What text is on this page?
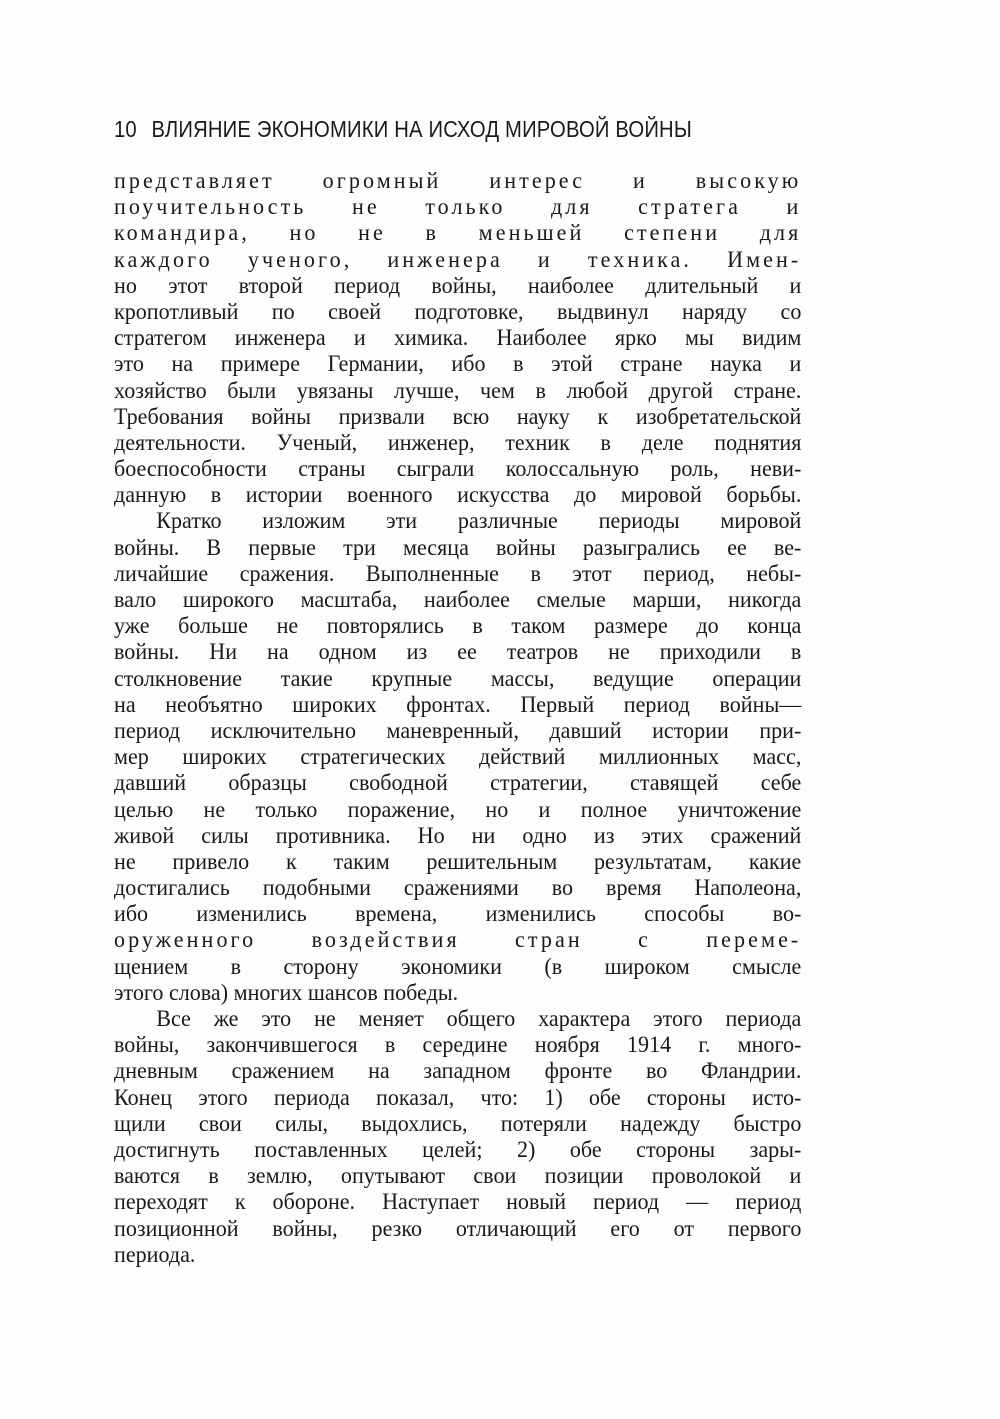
10 ВЛИЯНИЕ ЭКОНОМИКИ НА ИСХОД МИРОВОЙ ВОЙНЫ
представляет огромный интерес и высокую
поучительность не только для стратега и
командира, но не в меньшей степени для
каждого ученого, инженера и техника. Имен-
но этот второй период войны, наиболее длительный и
кропотливый по своей подготовке, выдвинул наряду со
стратегом инженера и химика. Наиболее ярко мы видим
это на примере Германии, ибо в этой стране наука и
хозяйство были увязаны лучше, чем в любой другой стране.
Требования войны призвали всю науку к изобретательской
деятельности. Ученый, инженер, техник в деле поднятия
боеспособности страны сыграли колоссальную роль, неви-
данную в истории военного искусства до мировой борьбы.
Кратко изложим эти различные периоды мировой
войны. В первые три месяца войны разыгрались ее ве-
личайшие сражения. Выполненные в этот период, небы-
вало широкого масштаба, наиболее смелые марши, никогда
уже больше не повторялись в таком размере до конца
войны. Ни на одном из ее театров не приходили в
столкновение такие крупные массы, ведущие операции
на необъятно широких фронтах. Первый период войны—
период исключительно маневренный, давший истории при-
мер широких стратегических действий миллионных масс,
давший образцы свободной стратегии, ставящей себе
целью не только поражение, но и полное уничтожение
живой силы противника. Но ни одно из этих сражений
не привело к таким решительным результатам, какие
достигались подобными сражениями во время Наполеона,
ибо изменились времена, изменились способы во-
оруженного воздействия стран с переме-
щением в сторону экономики (в широком смысле
этого слова) многих шансов победы.
Все же это не меняет общего характера этого периода
войны, закончившегося в середине ноября 1914 г. много-
дневным сражением на западном фронте во Фландрии.
Конец этого периода показал, что: 1) обе стороны исто-
щили свои силы, выдохлись, потеряли надежду быстро
достигнуть поставленных целей; 2) обе стороны зары-
ваются в землю, опутывают свои позиции проволокой и
переходят к обороне. Наступает новый период — период
позиционной войны, резко отличающий его от первого
периода.
